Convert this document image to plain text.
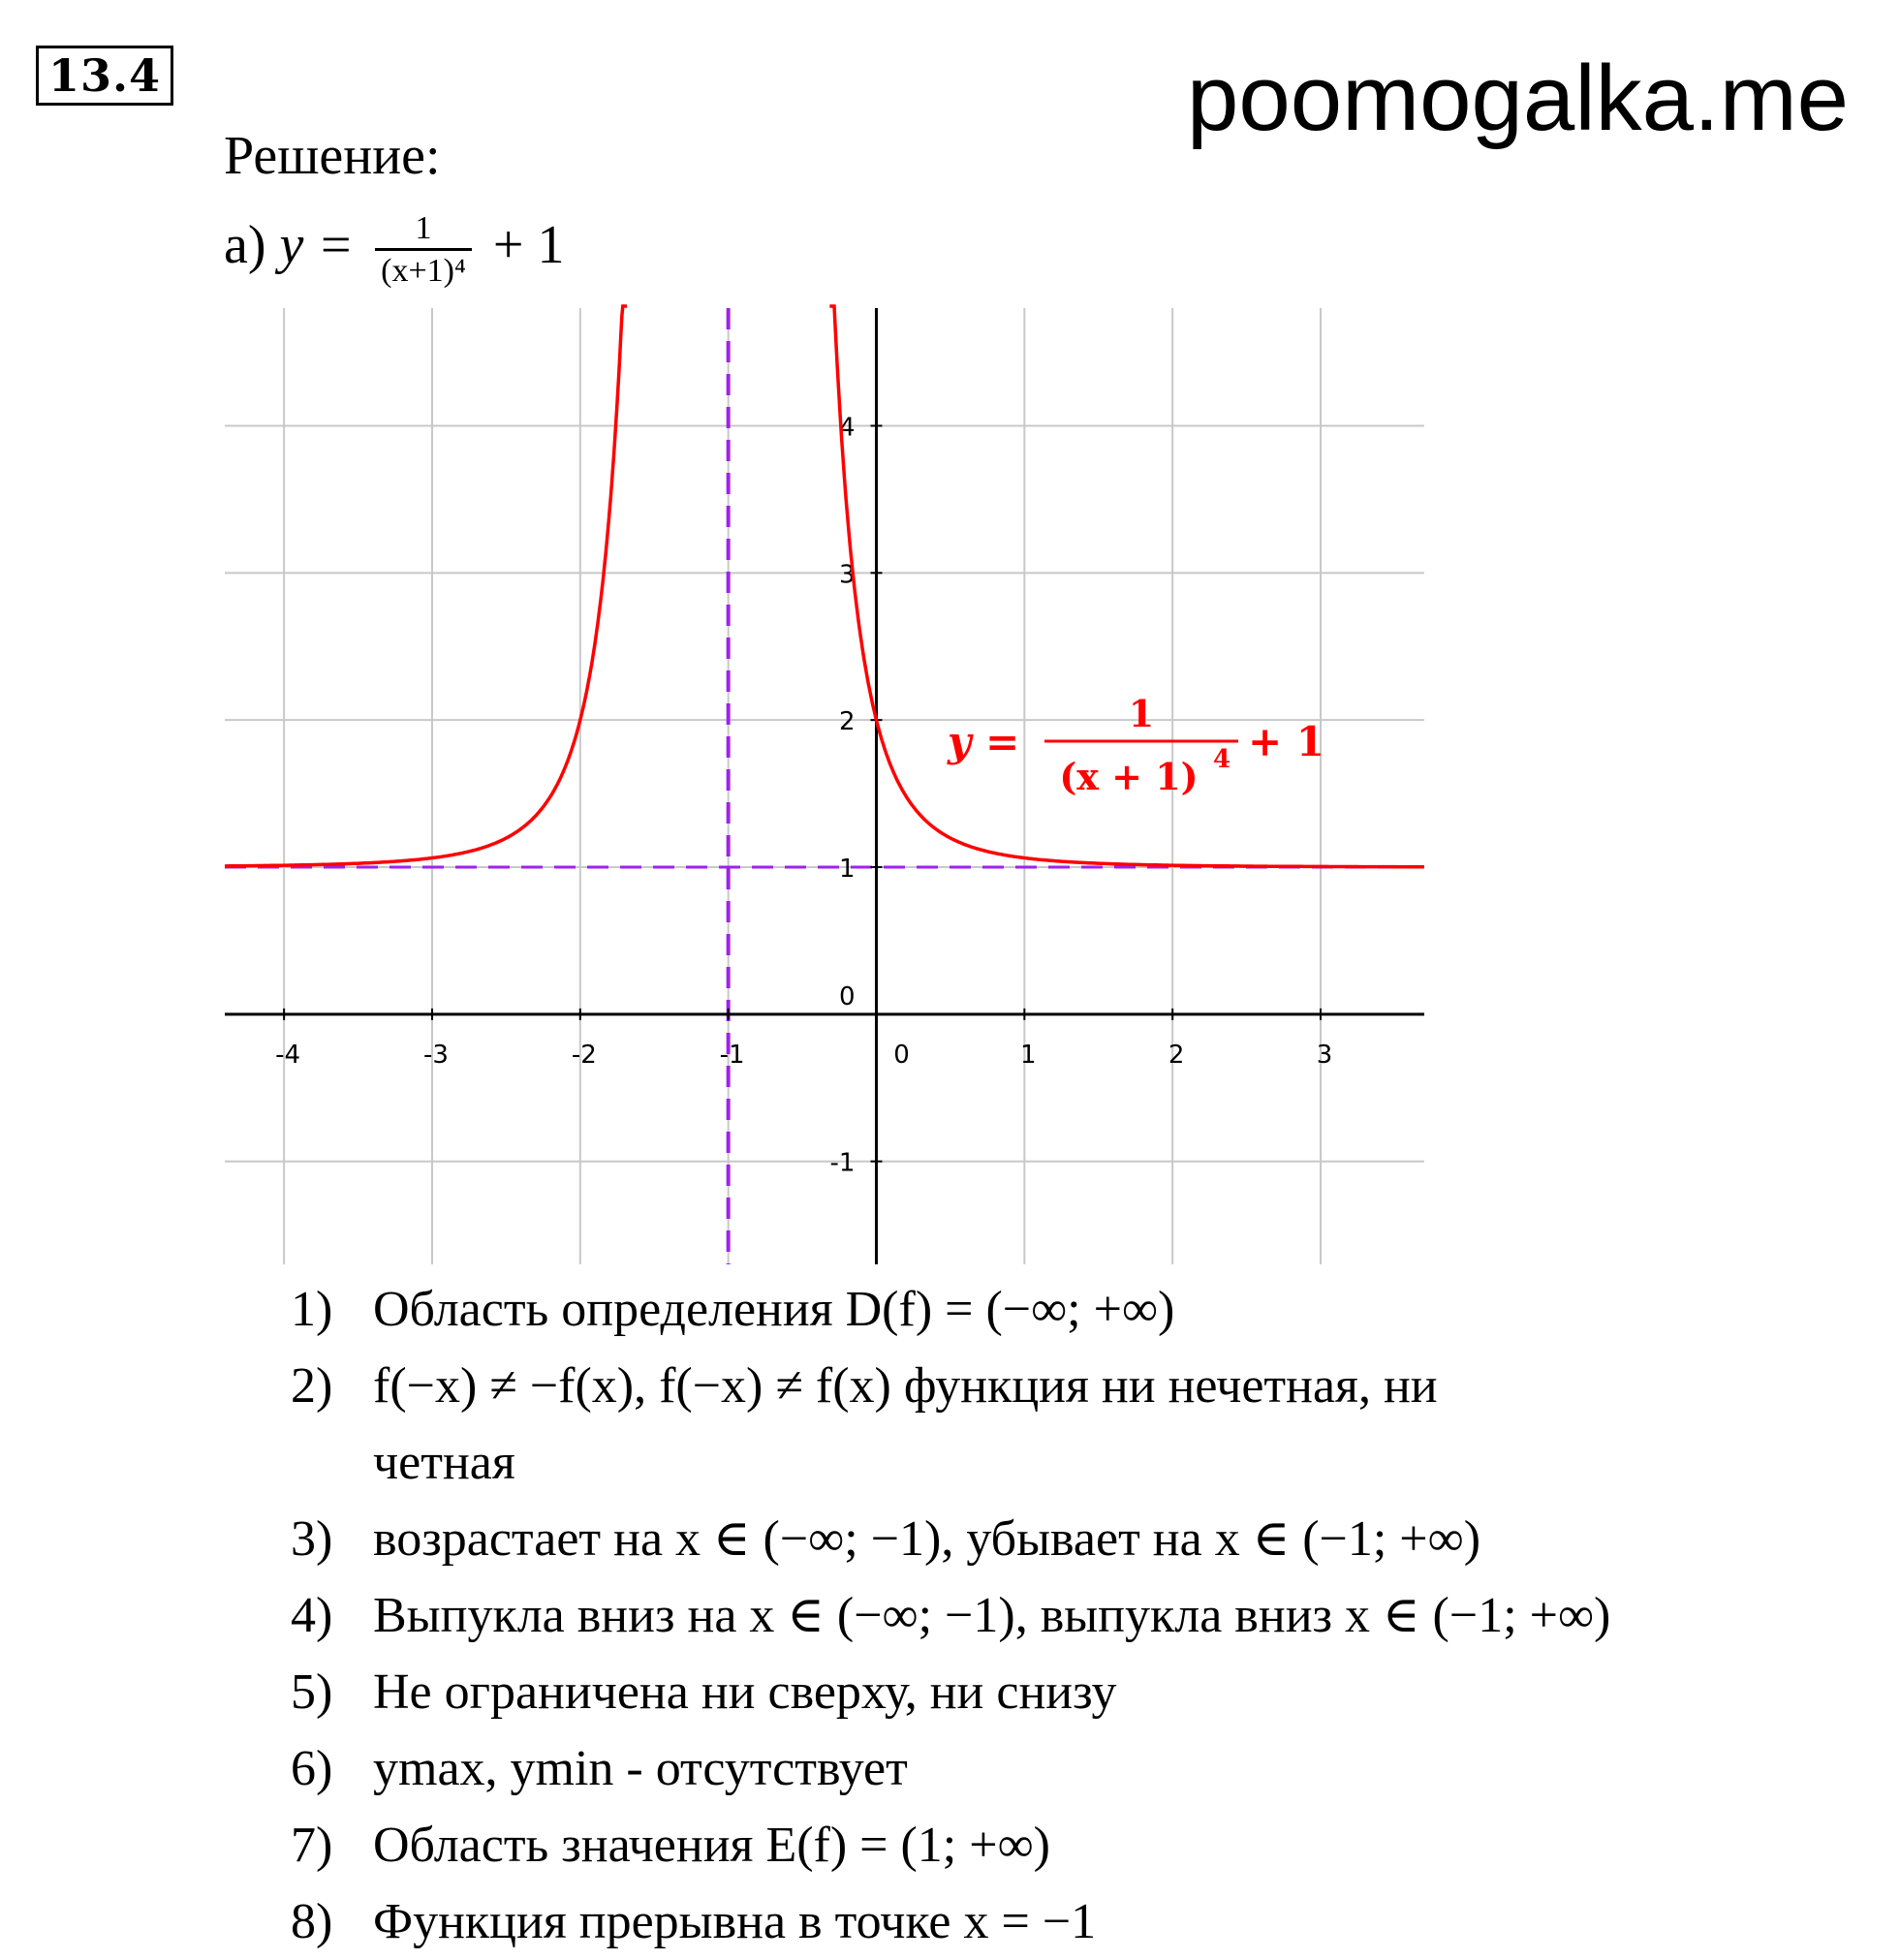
13.4	poomogalka.me
Решение:
а) $y = \frac{1}{\text{(x+1)⁴}} + 1$
-4	-3	-2	-1	0	1	2	3
-1
0
1
2
3
4
y =
1
(x + 1) 4 + 1
1) Область определения D(f) = (−∞; +∞)
2) f(−x) ≠ −f(x), f(−x) ≠ f(x) функция ни нечетная, ни
четная
3) возрастает на x ∈ (−∞; −1), убывает на x ∈ (−1; +∞)
4) Выпукла вниз на x ∈ (−∞; −1), выпукла вниз x ∈ (−1; +∞)
5) Не ограничена ни сверху, ни снизу
6) ymax, ymin - отсутствует
7) Область значения E(f) = (1; +∞)
8) Функция прерывна в точке x = −1
